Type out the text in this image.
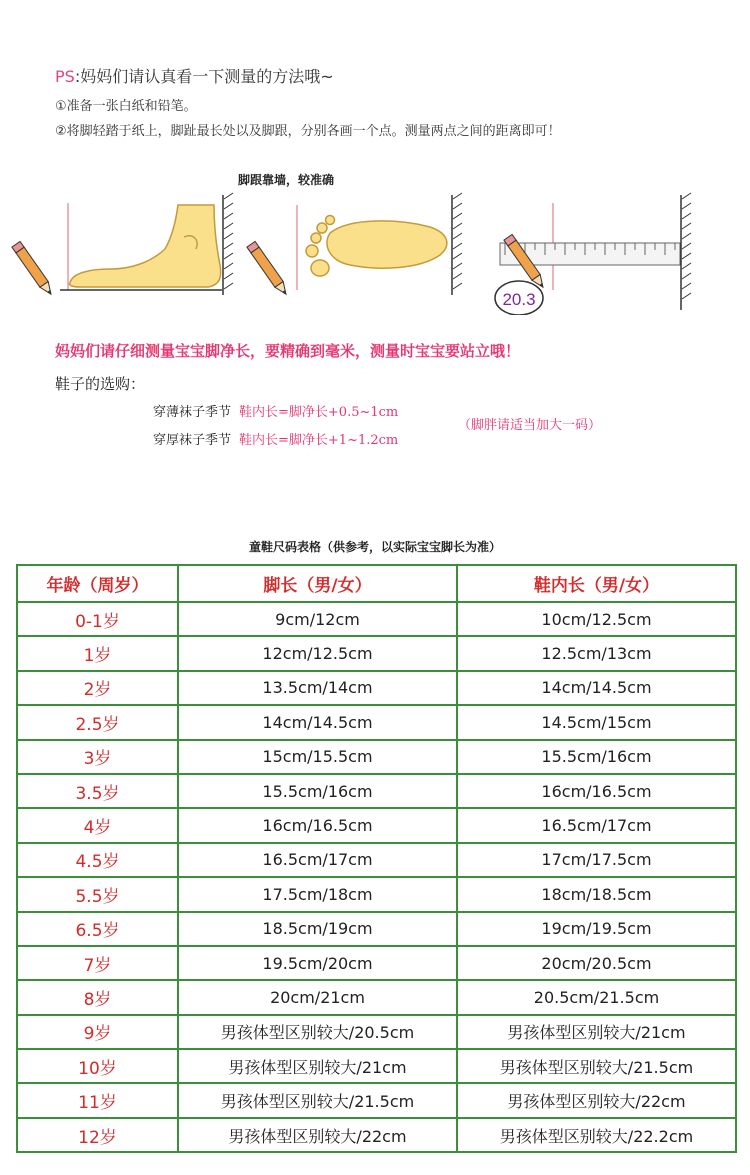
PS:妈妈们请认真看一下测量的方法哦~
①准备一张白纸和铅笔。
②将脚轻踏于纸上，脚趾最长处以及脚跟，分别各画一个点。测量两点之间的距离即可！
脚跟靠墙，较准确
20.3
妈妈们请仔细测量宝宝脚净长，要精确到毫米，测量时宝宝要站立哦！
鞋子的选购：
穿薄袜子季节 鞋内长=脚净长+0.5~1cm
穿厚袜子季节 鞋内长=脚净长+1~1.2cm
（脚胖请适当加大一码）
童鞋尺码表格（供参考，以实际宝宝脚长为准）
年龄（周岁）	脚长（男/女）	鞋内长（男/女）
0-1岁	9cm/12cm	10cm/12.5cm
1岁	12cm/12.5cm	12.5cm/13cm
2岁	13.5cm/14cm	14cm/14.5cm
2.5岁	14cm/14.5cm	14.5cm/15cm
3岁	15cm/15.5cm	15.5cm/16cm
3.5岁	15.5cm/16cm	16cm/16.5cm
4岁	16cm/16.5cm	16.5cm/17cm
4.5岁	16.5cm/17cm	17cm/17.5cm
5.5岁	17.5cm/18cm	18cm/18.5cm
6.5岁	18.5cm/19cm	19cm/19.5cm
7岁	19.5cm/20cm	20cm/20.5cm
8岁	20cm/21cm	20.5cm/21.5cm
9岁	男孩体型区别较大/20.5cm	男孩体型区别较大/21cm
10岁	男孩体型区别较大/21cm	男孩体型区别较大/21.5cm
11岁	男孩体型区别较大/21.5cm	男孩体型区别较大/22cm
12岁	男孩体型区别较大/22cm	男孩体型区别较大/22.2cm
